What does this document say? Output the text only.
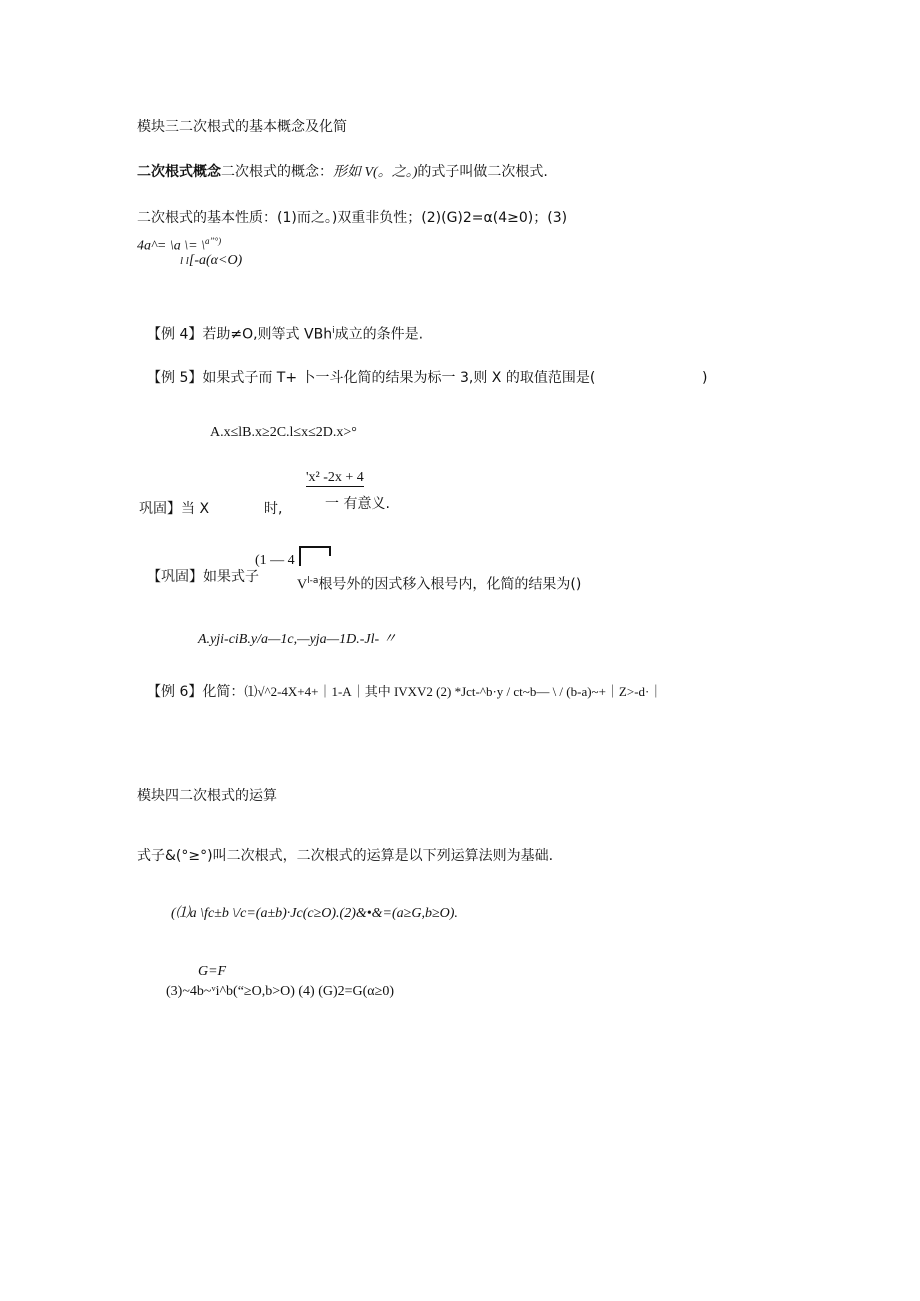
模块三二次根式的基本概念及化简
二次根式概念二次根式的概念：形如 V(。之。)的式子叫做二次根式.
二次根式的基本性质：(1)而之。)双重非负性；(2)(G)2=α(4≥0)；(3)
4a^= \a \= \$^{a’’^\circ)}$
l l[-a(α<O)
【例 4】若助≠O,则等式 VBh$^i$成立的条件是.
【例 5】如果式子而 T+ 卜一斗化简的结果为标一 3,则 X 的取值范围是(	)
A.x≤lB.x≥2C.l≤x≤2D.x>°
'x² -2x + 4
巩固】当 X	时,	一 有意义.
(1 — 4
【巩固】如果式子
$V^{l-a}$根号外的因式移入根号内，化简的结果为()
A.yji-ciB.y/a—1c,—yja—1D.-Jl- 〃
【例 6】化简：⑴√^2-4X+4+｜1-A｜其中 IVXV2 (2) *Jct-^b·y / ct~b— \ / (b-a)~+｜Z>-d·｜
模块四二次根式的运算
式子&(°≥°)叫二次根式，二次根式的运算是以下列运算法则为基础.
(⑴a \fc±b \/c=(a±b)·Jc(c≥O).(2)&•&=(a≥G,b≥O).
G=F
(3)~4b~ᵛi^b(“≥O,b>O) (4) (G)2=G(α≥0)
